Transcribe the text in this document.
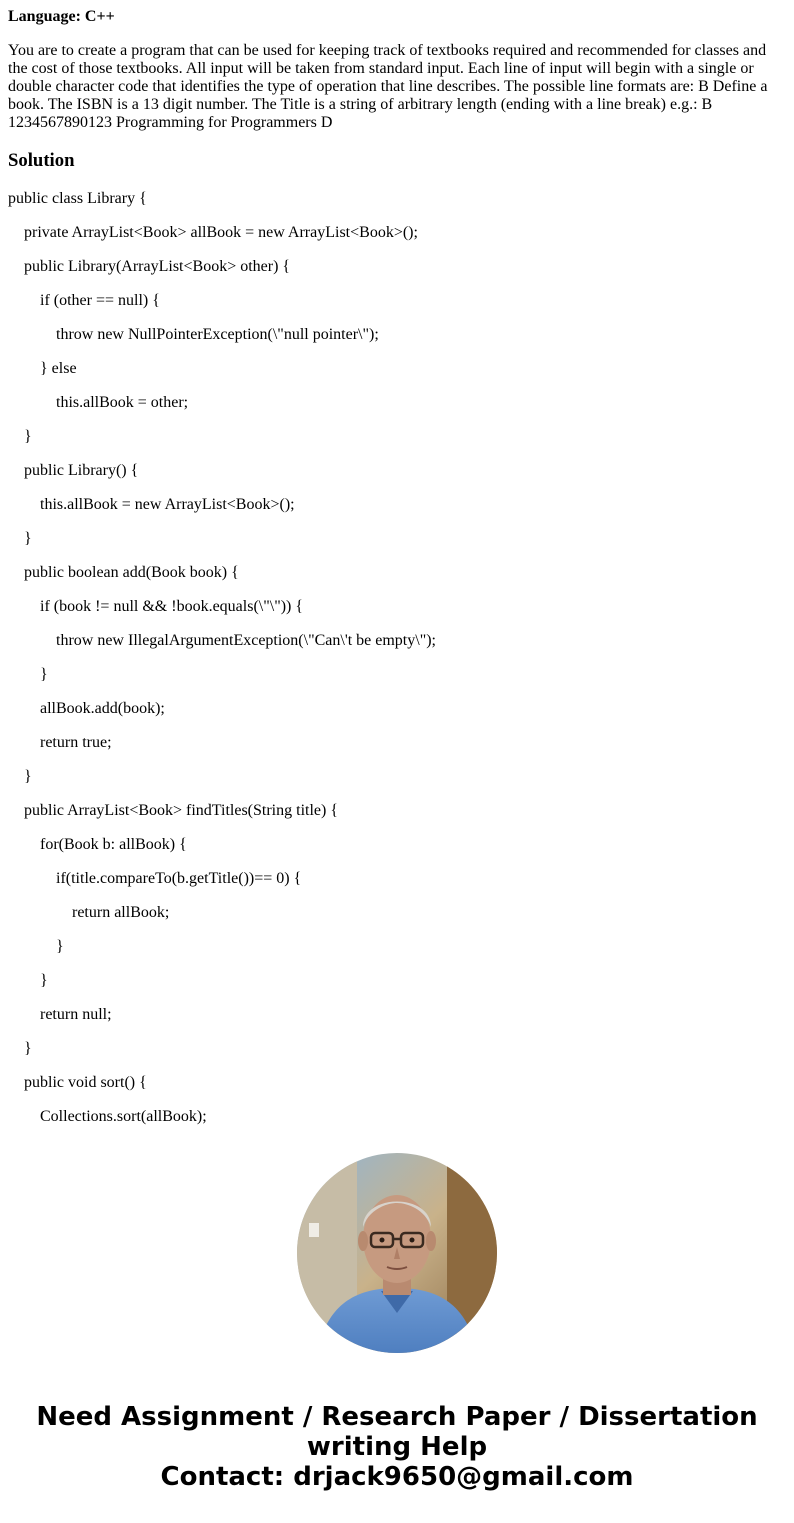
Language: C++

You are to create a program that can be used for keeping track of textbooks required and recommended for classes and the cost of those textbooks. All input will be taken from standard input. Each line of input will begin with a single or double character code that identifies the type of operation that line describes. The possible line formats are: B Define a book. The ISBN is a 13 digit number. The Title is a string of arbitrary length (ending with a line break) e.g.: B 1234567890123 Programming for Programmers D

Solution

public class Library {

private ArrayList<Book> allBook = new ArrayList<Book>();

public Library(ArrayList<Book> other) {

if (other == null) {

throw new NullPointerException(\"null pointer\");

} else

this.allBook = other;

}

public Library() {

this.allBook = new ArrayList<Book>();

}

public boolean add(Book book) {

if (book != null && !book.equals(\"\")) {

throw new IllegalArgumentException(\"Can\'t be empty\");

}

allBook.add(book);

return true;

}

public ArrayList<Book> findTitles(String title) {

for(Book b: allBook) {

if(title.compareTo(b.getTitle())== 0) {

return allBook;

}

}

return null;

}

public void sort() {

Collections.sort(allBook);

Need Assignment / Research Paper / Dissertation
writing Help
Contact: drjack9650@gmail.com
